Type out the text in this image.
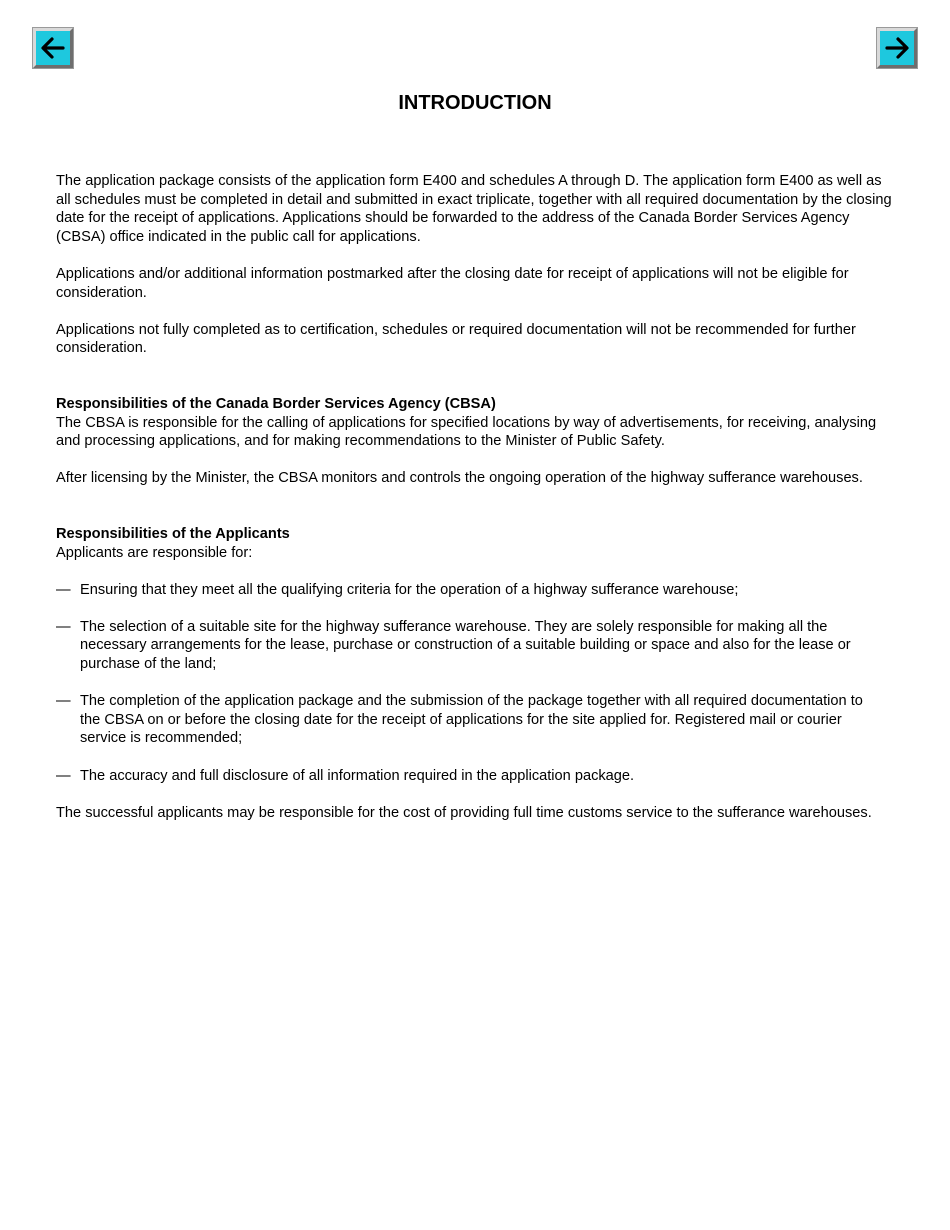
INTRODUCTION

The application package consists of the application form E400 and schedules A through D. The application form E400 as well as all schedules must be completed in detail and submitted in exact triplicate, together with all required documentation by the closing date for the receipt of applications. Applications should be forwarded to the address of the Canada Border Services Agency (CBSA) office indicated in the public call for applications.

Applications and/or additional information postmarked after the closing date for receipt of applications will not be eligible for consideration.

Applications not fully completed as to certification, schedules or required documentation will not be recommended for further consideration.

Responsibilities of the Canada Border Services Agency (CBSA)

The CBSA is responsible for the calling of applications for specified locations by way of advertisements, for receiving, analysing and processing applications, and for making recommendations to the Minister of Public Safety.

After licensing by the Minister, the CBSA monitors and controls the ongoing operation of the highway sufferance warehouses.

Responsibilities of the Applicants

Applicants are responsible for:

— Ensuring that they meet all the qualifying criteria for the operation of a highway sufferance warehouse;
— The selection of a suitable site for the highway sufferance warehouse. They are solely responsible for making all the necessary arrangements for the lease, purchase or construction of a suitable building or space and also for the lease or purchase of the land;
— The completion of the application package and the submission of the package together with all required documentation to the CBSA on or before the closing date for the receipt of applications for the site applied for. Registered mail or courier service is recommended;
— The accuracy and full disclosure of all information required in the application package.

The successful applicants may be responsible for the cost of providing full time customs service to the sufferance warehouses.
